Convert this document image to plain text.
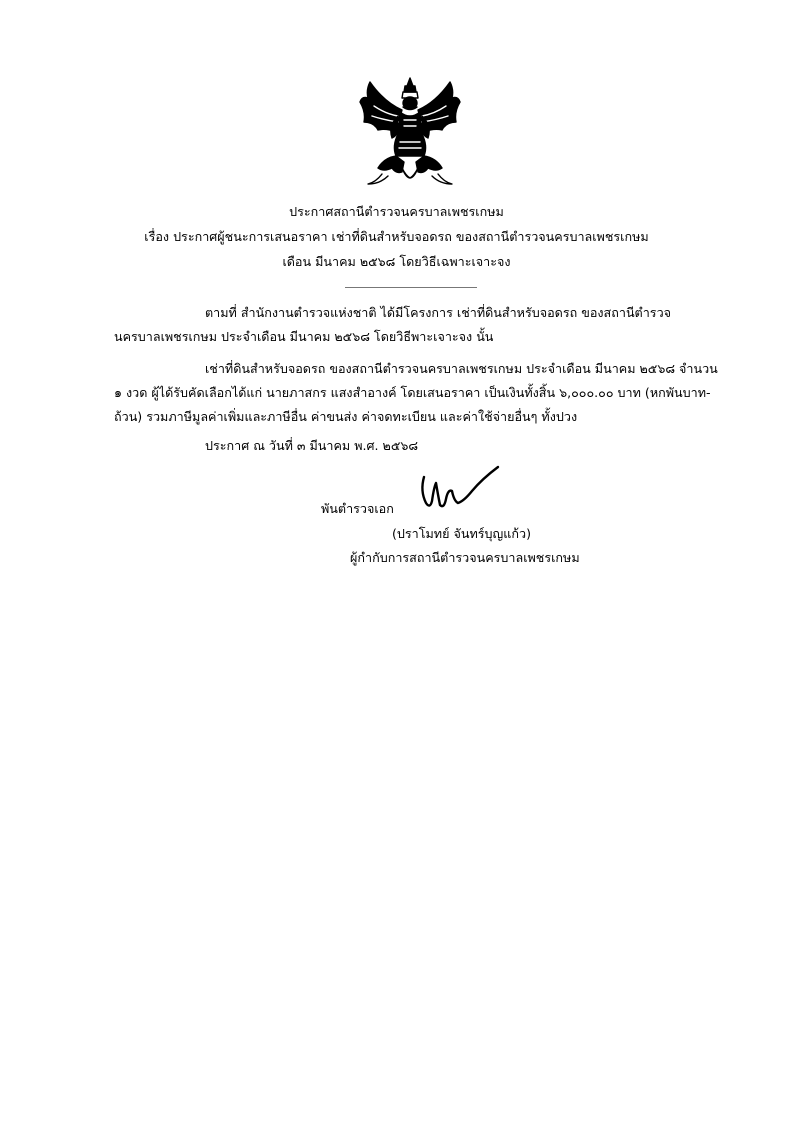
ประกาศสถานีตำรวจนครบาลเพชรเกษม
เรื่อง ประกาศผู้ชนะการเสนอราคา เช่าที่ดินสำหรับจอดรถ ของสถานีตำรวจนครบาลเพชรเกษม
เดือน มีนาคม ๒๕๖๘ โดยวิธีเฉพาะเจาะจง
ตามที่ สำนักงานตำรวจแห่งชาติ ได้มีโครงการ เช่าที่ดินสำหรับจอดรถ ของสถานีตำรวจ
นครบาลเพชรเกษม ประจำเดือน มีนาคม ๒๕๖๘ โดยวิธีพาะเจาะจง นั้น
เช่าที่ดินสำหรับจอดรถ ของสถานีตำรวจนครบาลเพชรเกษม ประจำเดือน มีนาคม ๒๕๖๘ จำนวน
๑ งวด ผู้ได้รับคัดเลือกได้แก่ นายภาสกร แสงสำอางค์ โดยเสนอราคา เป็นเงินทั้งสิ้น ๖,๐๐๐.๐๐ บาท (หกพันบาท-
ถ้วน) รวมภาษีมูลค่าเพิ่มและภาษีอื่น ค่าขนส่ง ค่าจดทะเบียน และค่าใช้จ่ายอื่นๆ ทั้งปวง
ประกาศ ณ วันที่ ๓ มีนาคม พ.ศ. ๒๕๖๘
พันตำรวจเอก
(ปราโมทย์ จันทร์บุญแก้ว)
ผู้กำกับการสถานีตำรวจนครบาลเพชรเกษม
